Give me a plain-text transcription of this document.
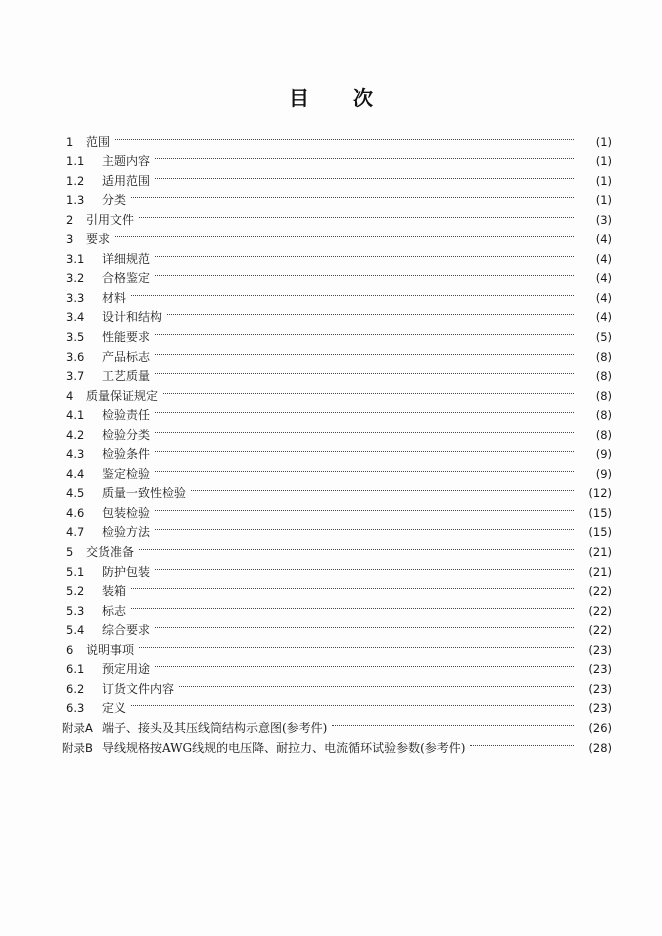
目 次
1	范围	(1)
1.1	主题内容	(1)
1.2	适用范围	(1)
1.3	分类	(1)
2	引用文件	(3)
3	要求	(4)
3.1	详细规范	(4)
3.2	合格鉴定	(4)
3.3	材料	(4)
3.4	设计和结构	(4)
3.5	性能要求	(5)
3.6	产品标志	(8)
3.7	工艺质量	(8)
4	质量保证规定	(8)
4.1	检验责任	(8)
4.2	检验分类	(8)
4.3	检验条件	(9)
4.4	鉴定检验	(9)
4.5	质量一致性检验	(12)
4.6	包装检验	(15)
4.7	检验方法	(15)
5	交货准备	(21)
5.1	防护包装	(21)
5.2	装箱	(22)
5.3	标志	(22)
5.4	综合要求	(22)
6	说明事项	(23)
6.1	预定用途	(23)
6.2	订货文件内容	(23)
6.3	定义	(23)
附录A 端子、接头及其压线筒结构示意图(参考件)	(26)
附录B 导线规格按AWG线规的电压降、耐拉力、电流循环试验参数(参考件)	(28)
